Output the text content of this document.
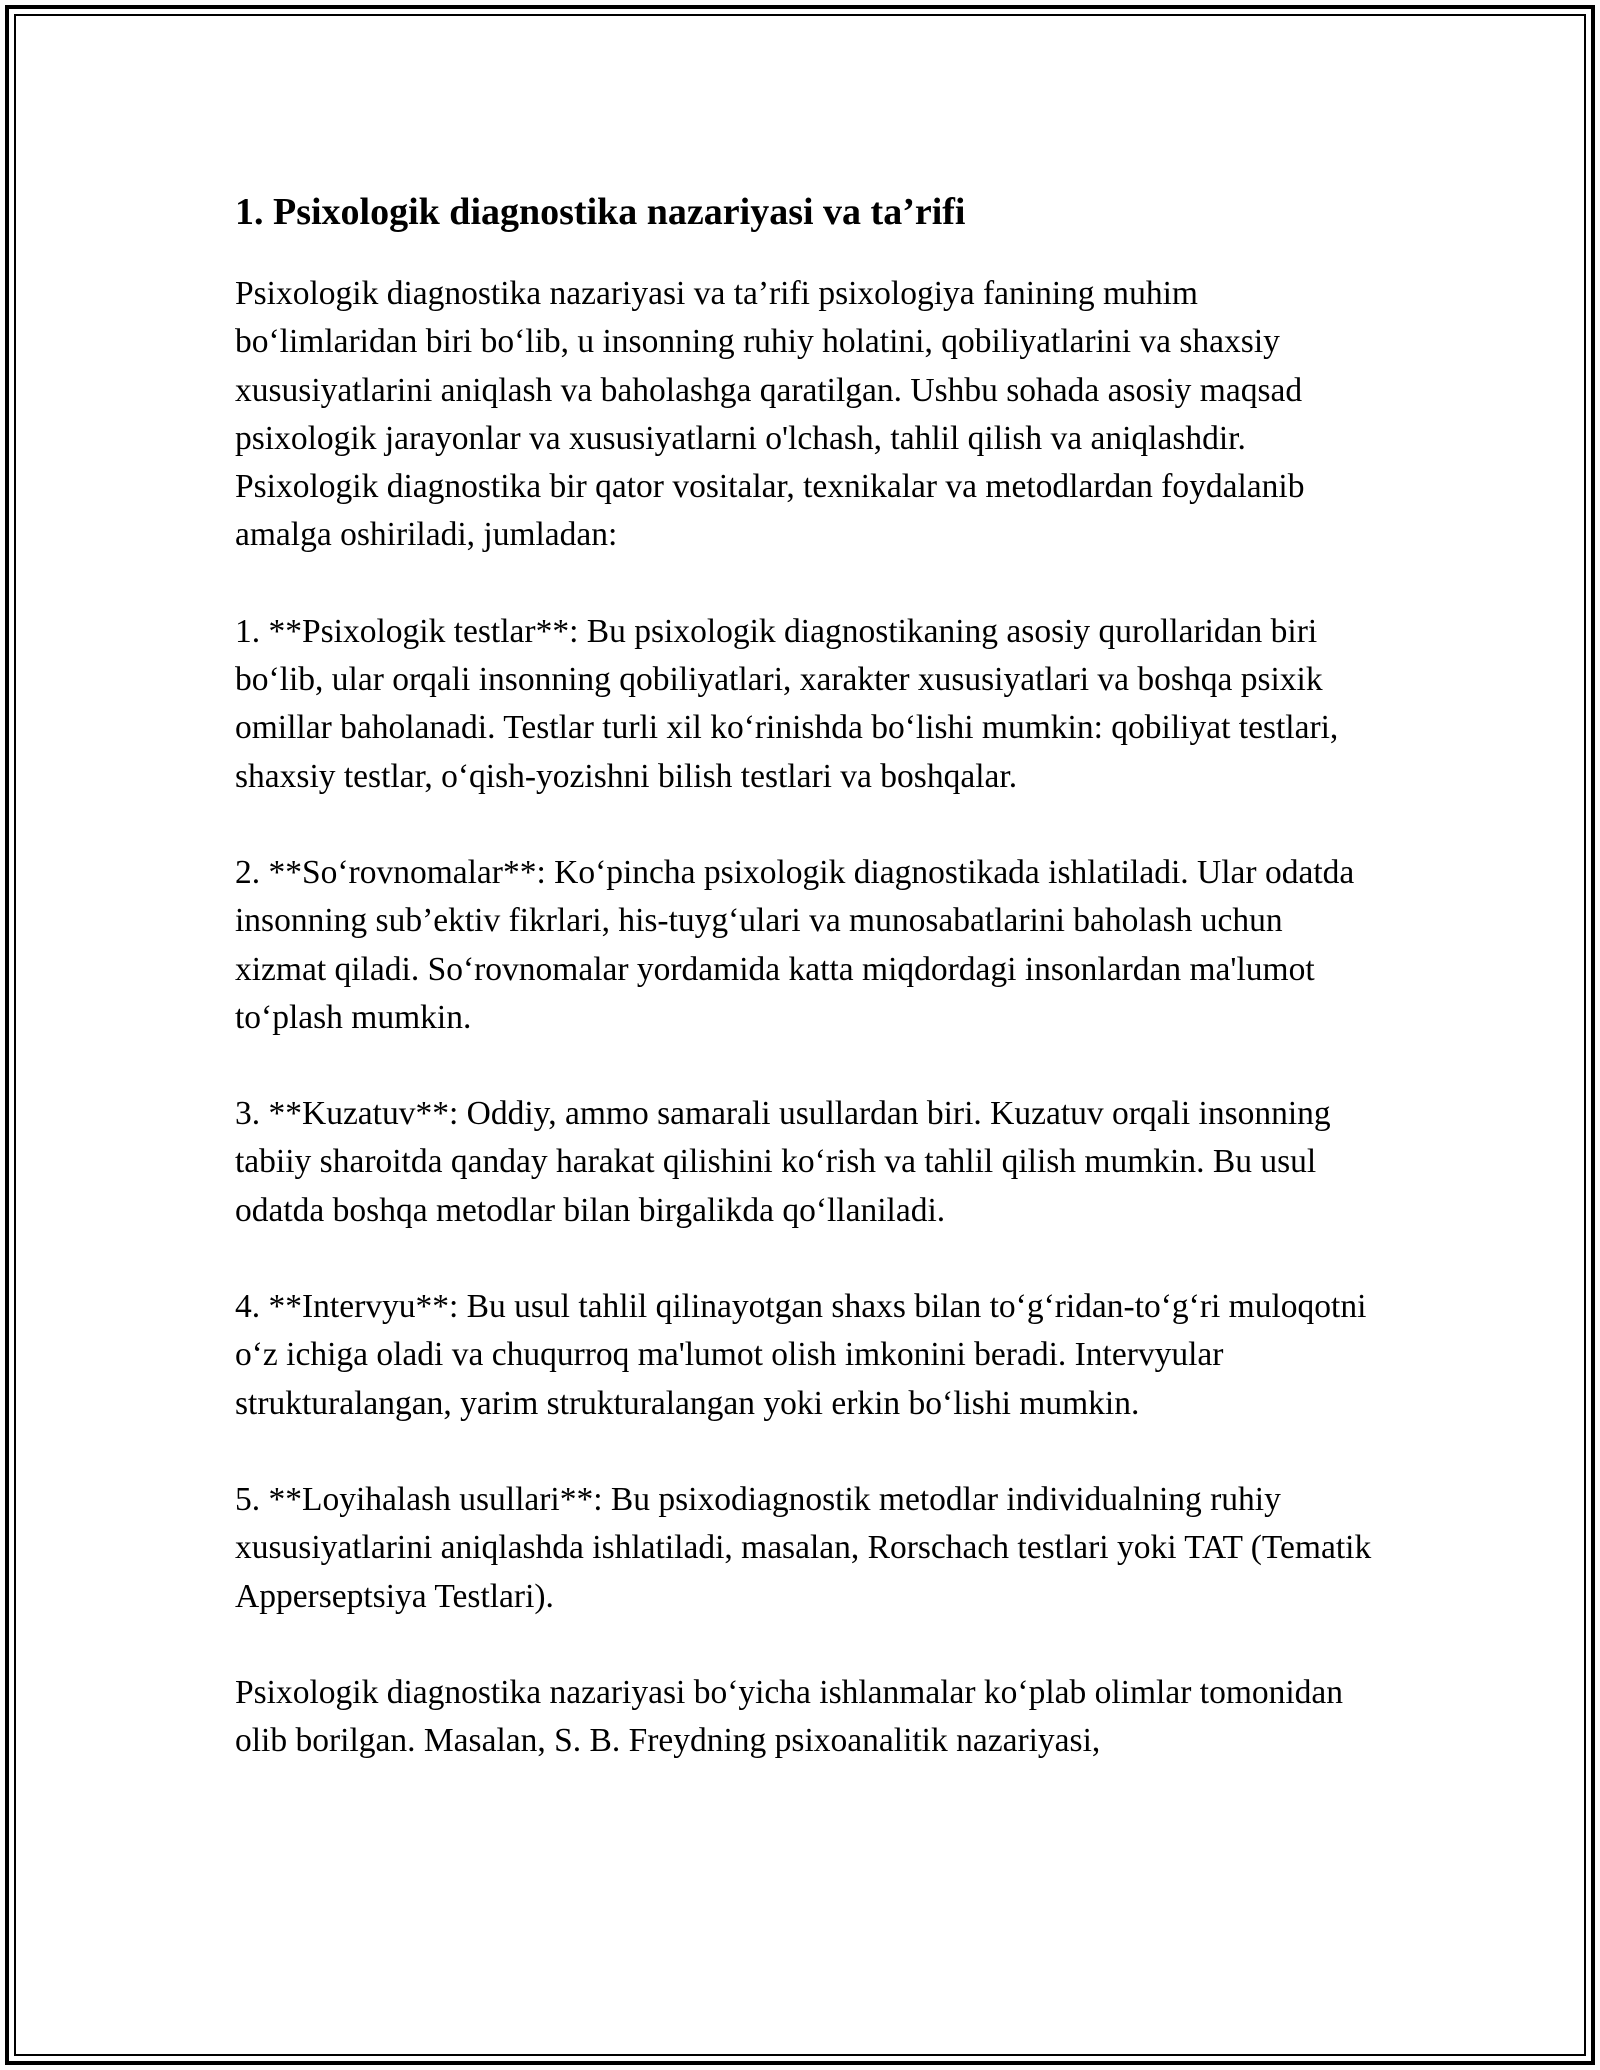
1. Psixologik diagnostika nazariyasi va ta’rifi

Psixologik diagnostika nazariyasi va ta’rifi psixologiya fanining muhim bo‘limlaridan biri bo‘lib, u insonning ruhiy holatini, qobiliyatlarini va shaxsiy xususiyatlarini aniqlash va baholashga qaratilgan. Ushbu sohada asosiy maqsad psixologik jarayonlar va xususiyatlarni o'lchash, tahlil qilish va aniqlashdir. Psixologik diagnostika bir qator vositalar, texnikalar va metodlardan foydalanib amalga oshiriladi, jumladan:

1. **Psixologik testlar**: Bu psixologik diagnostikaning asosiy qurollaridan biri bo‘lib, ular orqali insonning qobiliyatlari, xarakter xususiyatlari va boshqa psixik omillar baholanadi. Testlar turli xil ko‘rinishda bo‘lishi mumkin: qobiliyat testlari, shaxsiy testlar, o‘qish-yozishni bilish testlari va boshqalar.

2. **So‘rovnomalar**: Ko‘pincha psixologik diagnostikada ishlatiladi. Ular odatda insonning sub’ektiv fikrlari, his-tuyg‘ulari va munosabatlarini baholash uchun xizmat qiladi. So‘rovnomalar yordamida katta miqdordagi insonlardan ma'lumot to‘plash mumkin.

3. **Kuzatuv**: Oddiy, ammo samarali usullardan biri. Kuzatuv orqali insonning tabiiy sharoitda qanday harakat qilishini ko‘rish va tahlil qilish mumkin. Bu usul odatda boshqa metodlar bilan birgalikda qo‘llaniladi.

4. **Intervyu**: Bu usul tahlil qilinayotgan shaxs bilan to‘g‘ridan-to‘g‘ri muloqotni o‘z ichiga oladi va chuqurroq ma'lumot olish imkonini beradi. Intervyular strukturalangan, yarim strukturalangan yoki erkin bo‘lishi mumkin.

5. **Loyihalash usullari**: Bu psixodiagnostik metodlar individualning ruhiy xususiyatlarini aniqlashda ishlatiladi, masalan, Rorschach testlari yoki TAT (Tematik Apperseptsiya Testlari).

Psixologik diagnostika nazariyasi bo‘yicha ishlanmalar ko‘plab olimlar tomonidan olib borilgan. Masalan, S. B. Freydning psixoanalitik nazariyasi,
